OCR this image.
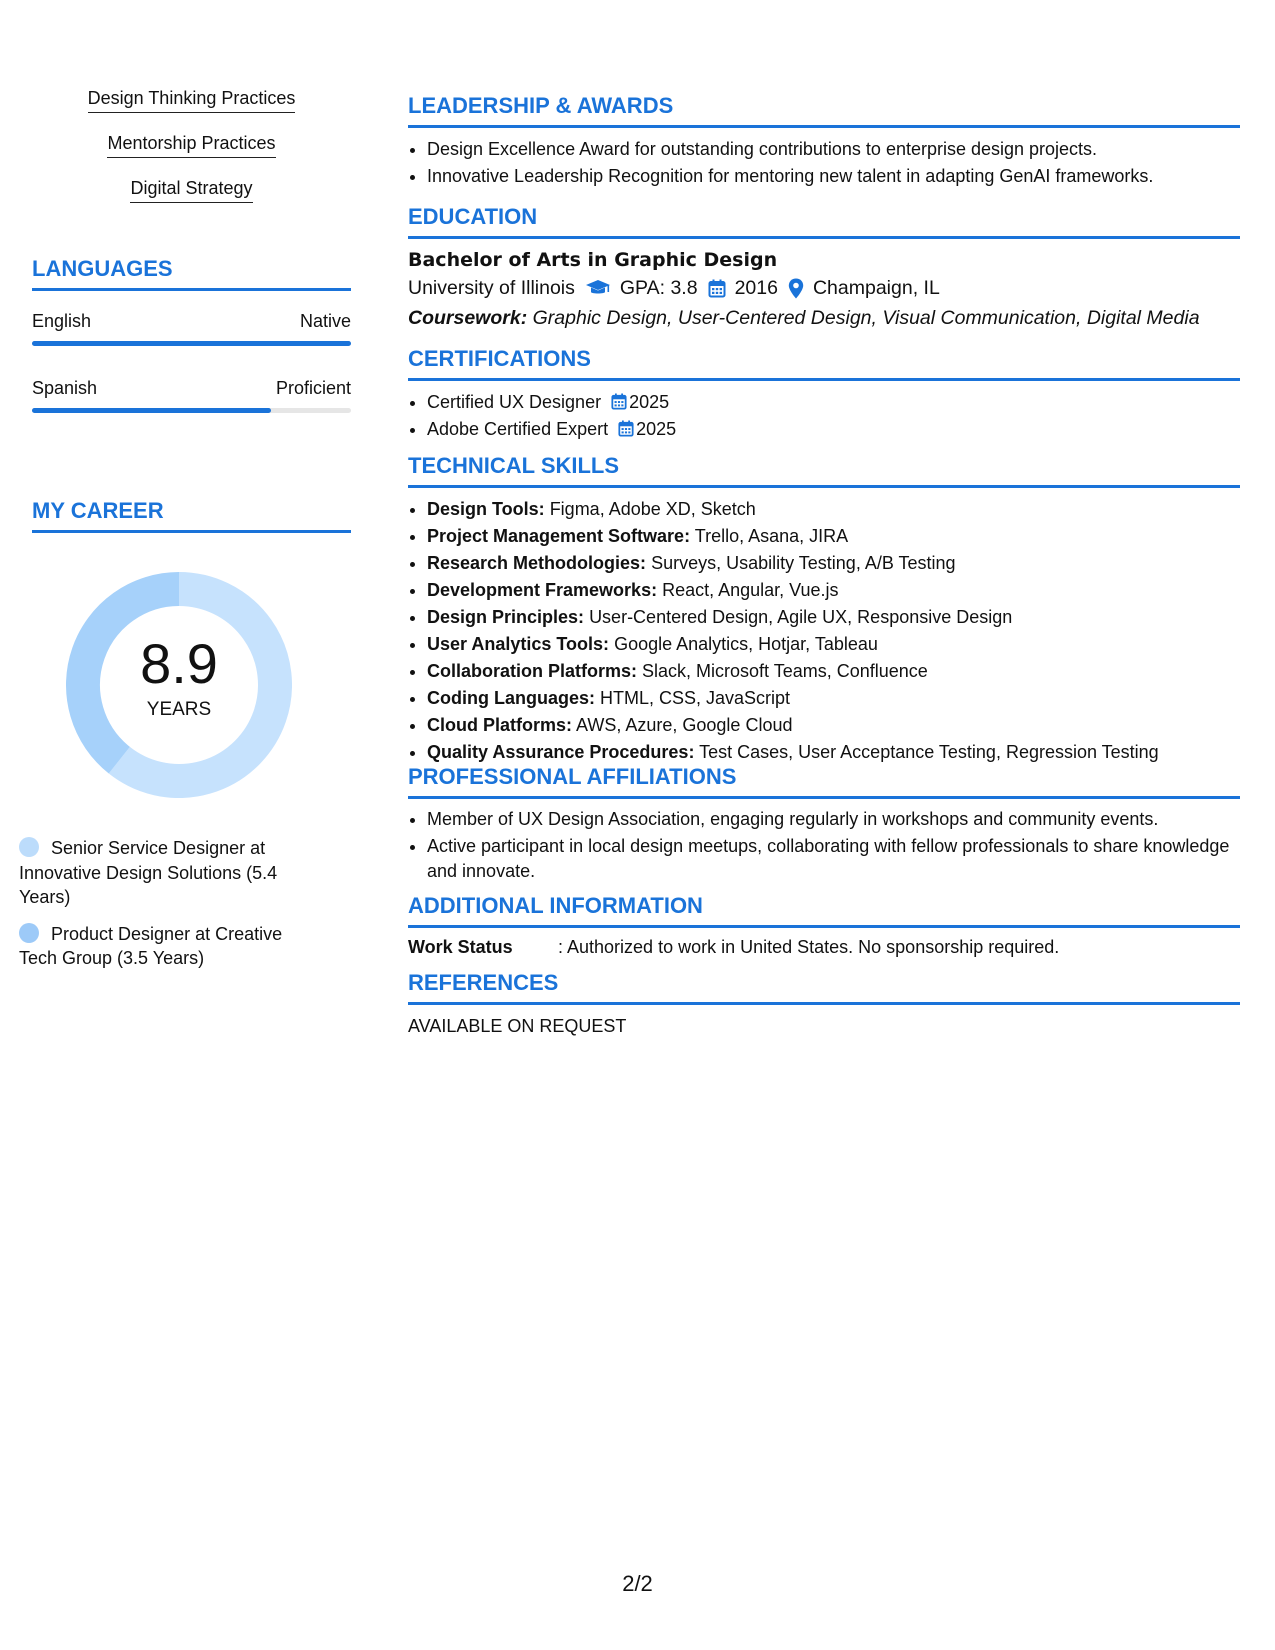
Design Thinking Practices
Mentorship Practices
Digital Strategy
LANGUAGES
English	Native
Spanish	Proficient
MY CAREER
8.9
YEARS
Senior Service Designer at Innovative Design Solutions (5.4 Years)
Product Designer at Creative Tech Group (3.5 Years)
LEADERSHIP & AWARDS
• Design Excellence Award for outstanding contributions to enterprise design projects.
• Innovative Leadership Recognition for mentoring new talent in adapting GenAI frameworks.
EDUCATION
Bachelor of Arts in Graphic Design
University of Illinois GPA: 3.8 2016 Champaign, IL
Coursework: Graphic Design, User-Centered Design, Visual Communication, Digital Media
CERTIFICATIONS
• Certified UX Designer 2025
• Adobe Certified Expert 2025
TECHNICAL SKILLS
• Design Tools: Figma, Adobe XD, Sketch
• Project Management Software: Trello, Asana, JIRA
• Research Methodologies: Surveys, Usability Testing, A/B Testing
• Development Frameworks: React, Angular, Vue.js
• Design Principles: User-Centered Design, Agile UX, Responsive Design
• User Analytics Tools: Google Analytics, Hotjar, Tableau
• Collaboration Platforms: Slack, Microsoft Teams, Confluence
• Coding Languages: HTML, CSS, JavaScript
• Cloud Platforms: AWS, Azure, Google Cloud
• Quality Assurance Procedures: Test Cases, User Acceptance Testing, Regression Testing
PROFESSIONAL AFFILIATIONS
• Member of UX Design Association, engaging regularly in workshops and community events.
• Active participant in local design meetups, collaborating with fellow professionals to share knowledge and innovate.
ADDITIONAL INFORMATION
Work Status	: Authorized to work in United States. No sponsorship required.
REFERENCES
AVAILABLE ON REQUEST
2/2
